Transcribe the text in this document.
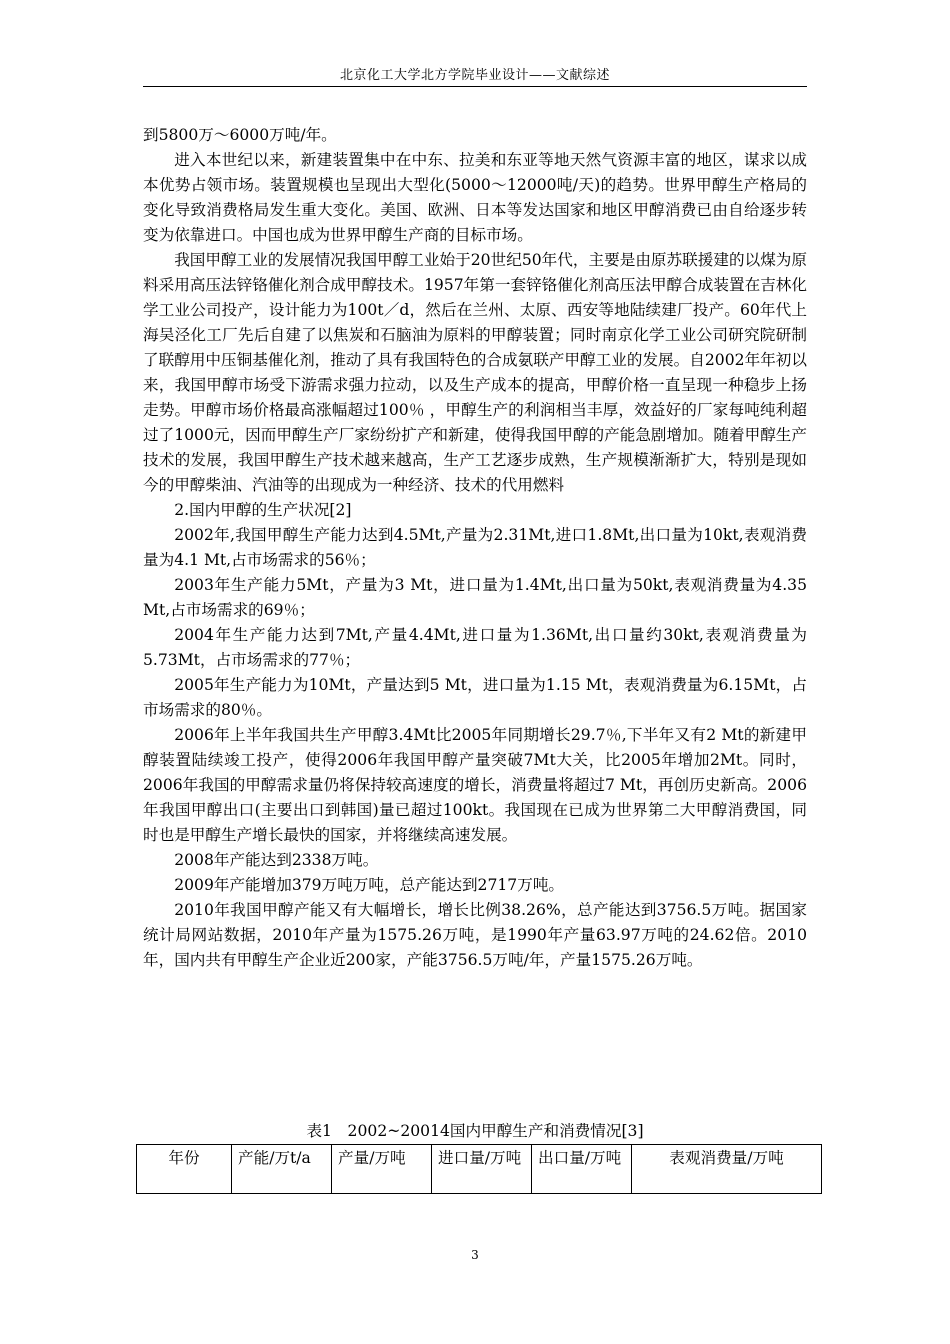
北京化工大学北方学院毕业设计——文献综述

到5800万～6000万吨/年。

进入本世纪以来，新建装置集中在中东、拉美和东亚等地天然气资源丰富的地区，谋求以成本优势占领市场。装置规模也呈现出大型化(5000～12000吨/天)的趋势。世界甲醇生产格局的变化导致消费格局发生重大变化。美国、欧洲、日本等发达国家和地区甲醇消费已由自给逐步转变为依靠进口。中国也成为世界甲醇生产商的目标市场。

我国甲醇工业的发展情况我国甲醇工业始于20世纪50年代，主要是由原苏联援建的以煤为原料采用高压法锌铬催化剂合成甲醇技术。1957年第一套锌铬催化剂高压法甲醇合成装置在吉林化学工业公司投产，设计能力为100t／d，然后在兰州、太原、西安等地陆续建厂投产。60年代上海吴泾化工厂先后自建了以焦炭和石脑油为原料的甲醇装置；同时南京化学工业公司研究院研制了联醇用中压铜基催化剂，推动了具有我国特色的合成氨联产甲醇工业的发展。自2002年年初以来，我国甲醇市场受下游需求强力拉动，以及生产成本的提高，甲醇价格一直呈现一种稳步上扬走势。甲醇市场价格最高涨幅超过100％ ，甲醇生产的利润相当丰厚，效益好的厂家每吨纯利超过了1000元，因而甲醇生产厂家纷纷扩产和新建，使得我国甲醇的产能急剧增加。随着甲醇生产技术的发展，我国甲醇生产技术越来越高，生产工艺逐步成熟，生产规模渐渐扩大，特别是现如今的甲醇柴油、汽油等的出现成为一种经济、技术的代用燃料

2.国内甲醇的生产状况[2]

2002年,我国甲醇生产能力达到4.5Mt,产量为2.31Mt,进口1.8Mt,出口量为10kt,表观消费量为4.1 Mt,占市场需求的56％；

2003年生产能力5Mt，产量为3 Mt，进口量为1.4Mt,出口量为50kt,表观消费量为4.35 Mt,占市场需求的69％；

2004年生产能力达到7Mt,产量4.4Mt,进口量为1.36Mt,出口量约30kt,表观消费量为5.73Mt，占市场需求的77％；

2005年生产能力为10Mt，产量达到5 Mt，进口量为1.15 Mt，表观消费量为6.15Mt，占市场需求的80％。

2006年上半年我国共生产甲醇3.4Mt比2005年同期增长29.7％,下半年又有2 Mt的新建甲醇装置陆续竣工投产，使得2006年我国甲醇产量突破7Mt大关，比2005年增加2Mt。同时，2006年我国的甲醇需求量仍将保持较高速度的增长，消费量将超过7 Mt，再创历史新高。2006年我国甲醇出口(主要出口到韩国)量已超过100kt。我国现在已成为世界第二大甲醇消费国，同时也是甲醇生产增长最快的国家，并将继续高速发展。

2008年产能达到2338万吨。

2009年产能增加379万吨万吨，总产能达到2717万吨。

2010年我国甲醇产能又有大幅增长，增长比例38.26%，总产能达到3756.5万吨。据国家统计局网站数据，2010年产量为1575.26万吨，是1990年产量63.97万吨的24.62倍。2010年，国内共有甲醇生产企业近200家，产能3756.5万吨/年，产量1575.26万吨。

表1　2002~20014国内甲醇生产和消费情况[3]
年份	产能/万t/a	产量/万吨	进口量/万吨	出口量/万吨	表观消费量/万吨
3
